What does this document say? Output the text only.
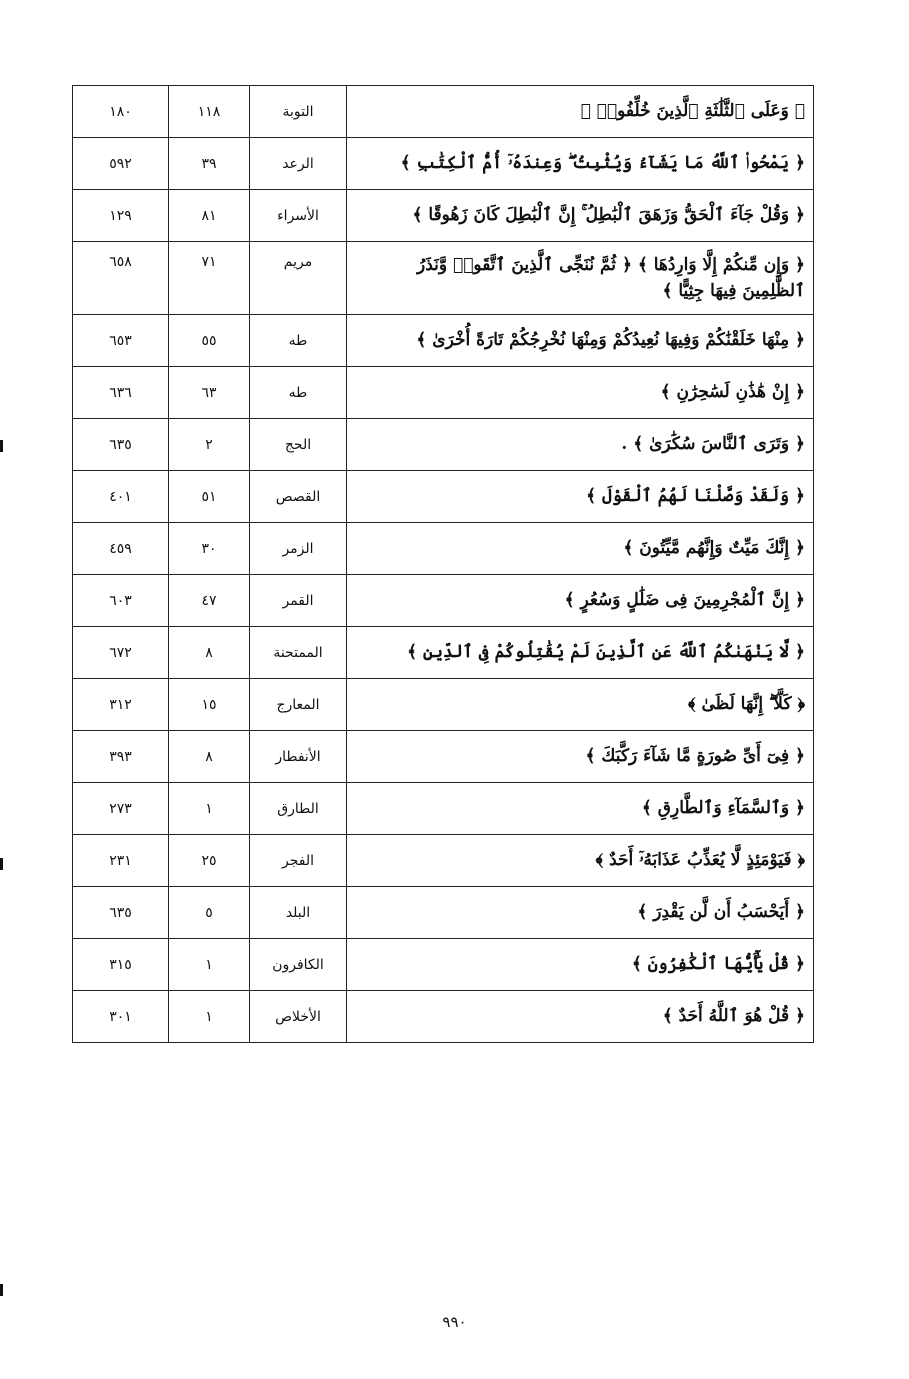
﴿ وَعَلَى ٱلثَّلَٰثَةِ ٱلَّذِينَ خُلِّفُوا۟ ﴾	التوبة	١١٨	١٨٠
﴿ يَمْحُوا۟ ٱللَّهُ مَا يَشَآءُ وَيُثْبِتُ ۖ وَعِندَهُۥٓ أُمُّ ٱلْكِتَٰبِ ﴾	الرعد	٣٩	٥٩٢
﴿ وَقُلْ جَآءَ ٱلْحَقُّ وَزَهَقَ ٱلْبَٰطِلُ ۚ إِنَّ ٱلْبَٰطِلَ كَانَ زَهُوقًا ﴾	الأسراء	٨١	١٢٩
﴿ وَإِن مِّنكُمْ إِلَّا وَارِدُهَا ﴾ ﴿ ثُمَّ نُنَجِّى ٱلَّذِينَ ٱتَّقَوا۟ وَّنَذَرُ ٱلظَّٰلِمِينَ فِيهَا جِثِيًّا ﴾	مريم	٧١	٦٥٨
﴿ مِنْهَا خَلَقْنَٰكُمْ وَفِيهَا نُعِيدُكُمْ وَمِنْهَا نُخْرِجُكُمْ تَارَةً أُخْرَىٰ ﴾	طه	٥٥	٦٥٣
﴿ إِنْ هَٰذَٰنِ لَسَٰحِرَٰنِ ﴾	طه	٦٣	٦٣٦
﴿ وَتَرَى ٱلنَّاسَ سُكَٰرَىٰ ﴾ .	الحج	٢	٦٣٥
﴿ وَلَقَدْ وَصَّلْنَا لَهُمُ ٱلْقَوْلَ ﴾	القصص	٥١	٤٠١
﴿ إِنَّكَ مَيِّتٌ وَإِنَّهُم مَّيِّتُونَ ﴾	الزمر	٣٠	٤٥٩
﴿ إِنَّ ٱلْمُجْرِمِينَ فِى ضَلَٰلٍ وَسُعُرٍ ﴾	القمر	٤٧	٦٠٣
﴿ لَّا يَنْهَىٰكُمُ ٱللَّهُ عَنِ ٱلَّذِينَ لَمْ يُقَٰتِلُوكُمْ فِى ٱلدِّينِ ﴾	الممتحنة	٨	٦٧٢
﴿ كَلَّآ ۖ إِنَّهَا لَظَىٰ ﴾	المعارج	١٥	٣١٢
﴿ فِىٓ أَىِّ صُورَةٍ مَّا شَآءَ رَكَّبَكَ ﴾	الأنفطار	٨	٣٩٣
﴿ وَٱلسَّمَآءِ وَٱلطَّارِقِ ﴾	الطارق	١	٢٧٣
﴿ فَيَوْمَئِذٍ لَّا يُعَذِّبُ عَذَابَهُۥٓ أَحَدٌ ﴾	الفجر	٢٥	٢٣١
﴿ أَيَحْسَبُ أَن لَّن يَقْدِرَ ﴾	البلد	٥	٦٣٥
﴿ قُلْ يَٰٓأَيُّهَا ٱلْكَٰفِرُونَ ﴾	الكافرون	١	٣١٥
﴿ قُلْ هُوَ ٱللَّهُ أَحَدٌ ﴾	الأخلاص	١	٣٠١
٩٩٠
